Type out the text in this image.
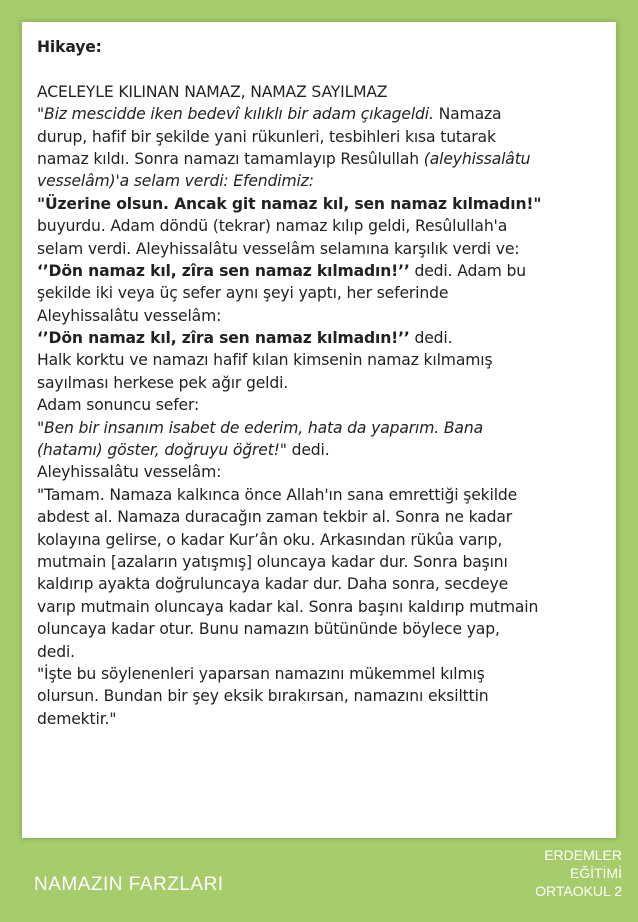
Hikaye:
ACELEYLE KILINAN NAMAZ, NAMAZ SAYILMAZ
"Biz mescidde iken bedevî kılıklı bir adam çıkageldi. Namaza
durup, hafif bir şekilde yani rükunleri, tesbihleri kısa tutarak
namaz kıldı. Sonra namazı tamamlayıp Resûlullah (aleyhissalâtu
vesselâm)'a selam verdi: Efendimiz:
"Üzerine olsun. Ancak git namaz kıl, sen namaz kılmadın!"
buyurdu. Adam döndü (tekrar) namaz kılıp geldi, Resûlullah'a
selam verdi. Aleyhissalâtu vesselâm selamına karşılık verdi ve:
‘’Dön namaz kıl, zîra sen namaz kılmadın!’’ dedi. Adam bu
şekilde iki veya üç sefer aynı şeyi yaptı, her seferinde
Aleyhissalâtu vesselâm:
‘’Dön namaz kıl, zîra sen namaz kılmadın!’’ dedi.
Halk korktu ve namazı hafif kılan kimsenin namaz kılmamış
sayılması herkese pek ağır geldi.
Adam sonuncu sefer:
"Ben bir insanım isabet de ederim, hata da yaparım. Bana
(hatamı) göster, doğruyu öğret!" dedi.
Aleyhissalâtu vesselâm:
"Tamam. Namaza kalkınca önce Allah'ın sana emrettiği şekilde
abdest al. Namaza duracağın zaman tekbir al. Sonra ne kadar
kolayına gelirse, o kadar Kur’ân oku. Arkasından rükûa varıp,
mutmain [azaların yatışmış] oluncaya kadar dur. Sonra başını
kaldırıp ayakta doğruluncaya kadar dur. Daha sonra, secdeye
varıp mutmain oluncaya kadar kal. Sonra başını kaldırıp mutmain
oluncaya kadar otur. Bunu namazın bütününde böylece yap,
dedi.
"İşte bu söylenenleri yaparsan namazını mükemmel kılmış
olursun. Bundan bir şey eksik bırakırsan, namazını eksilttin
demektir."
NAMAZIN FARZLARI
ERDEMLER
EĞİTİMİ
ORTAOKUL 2
